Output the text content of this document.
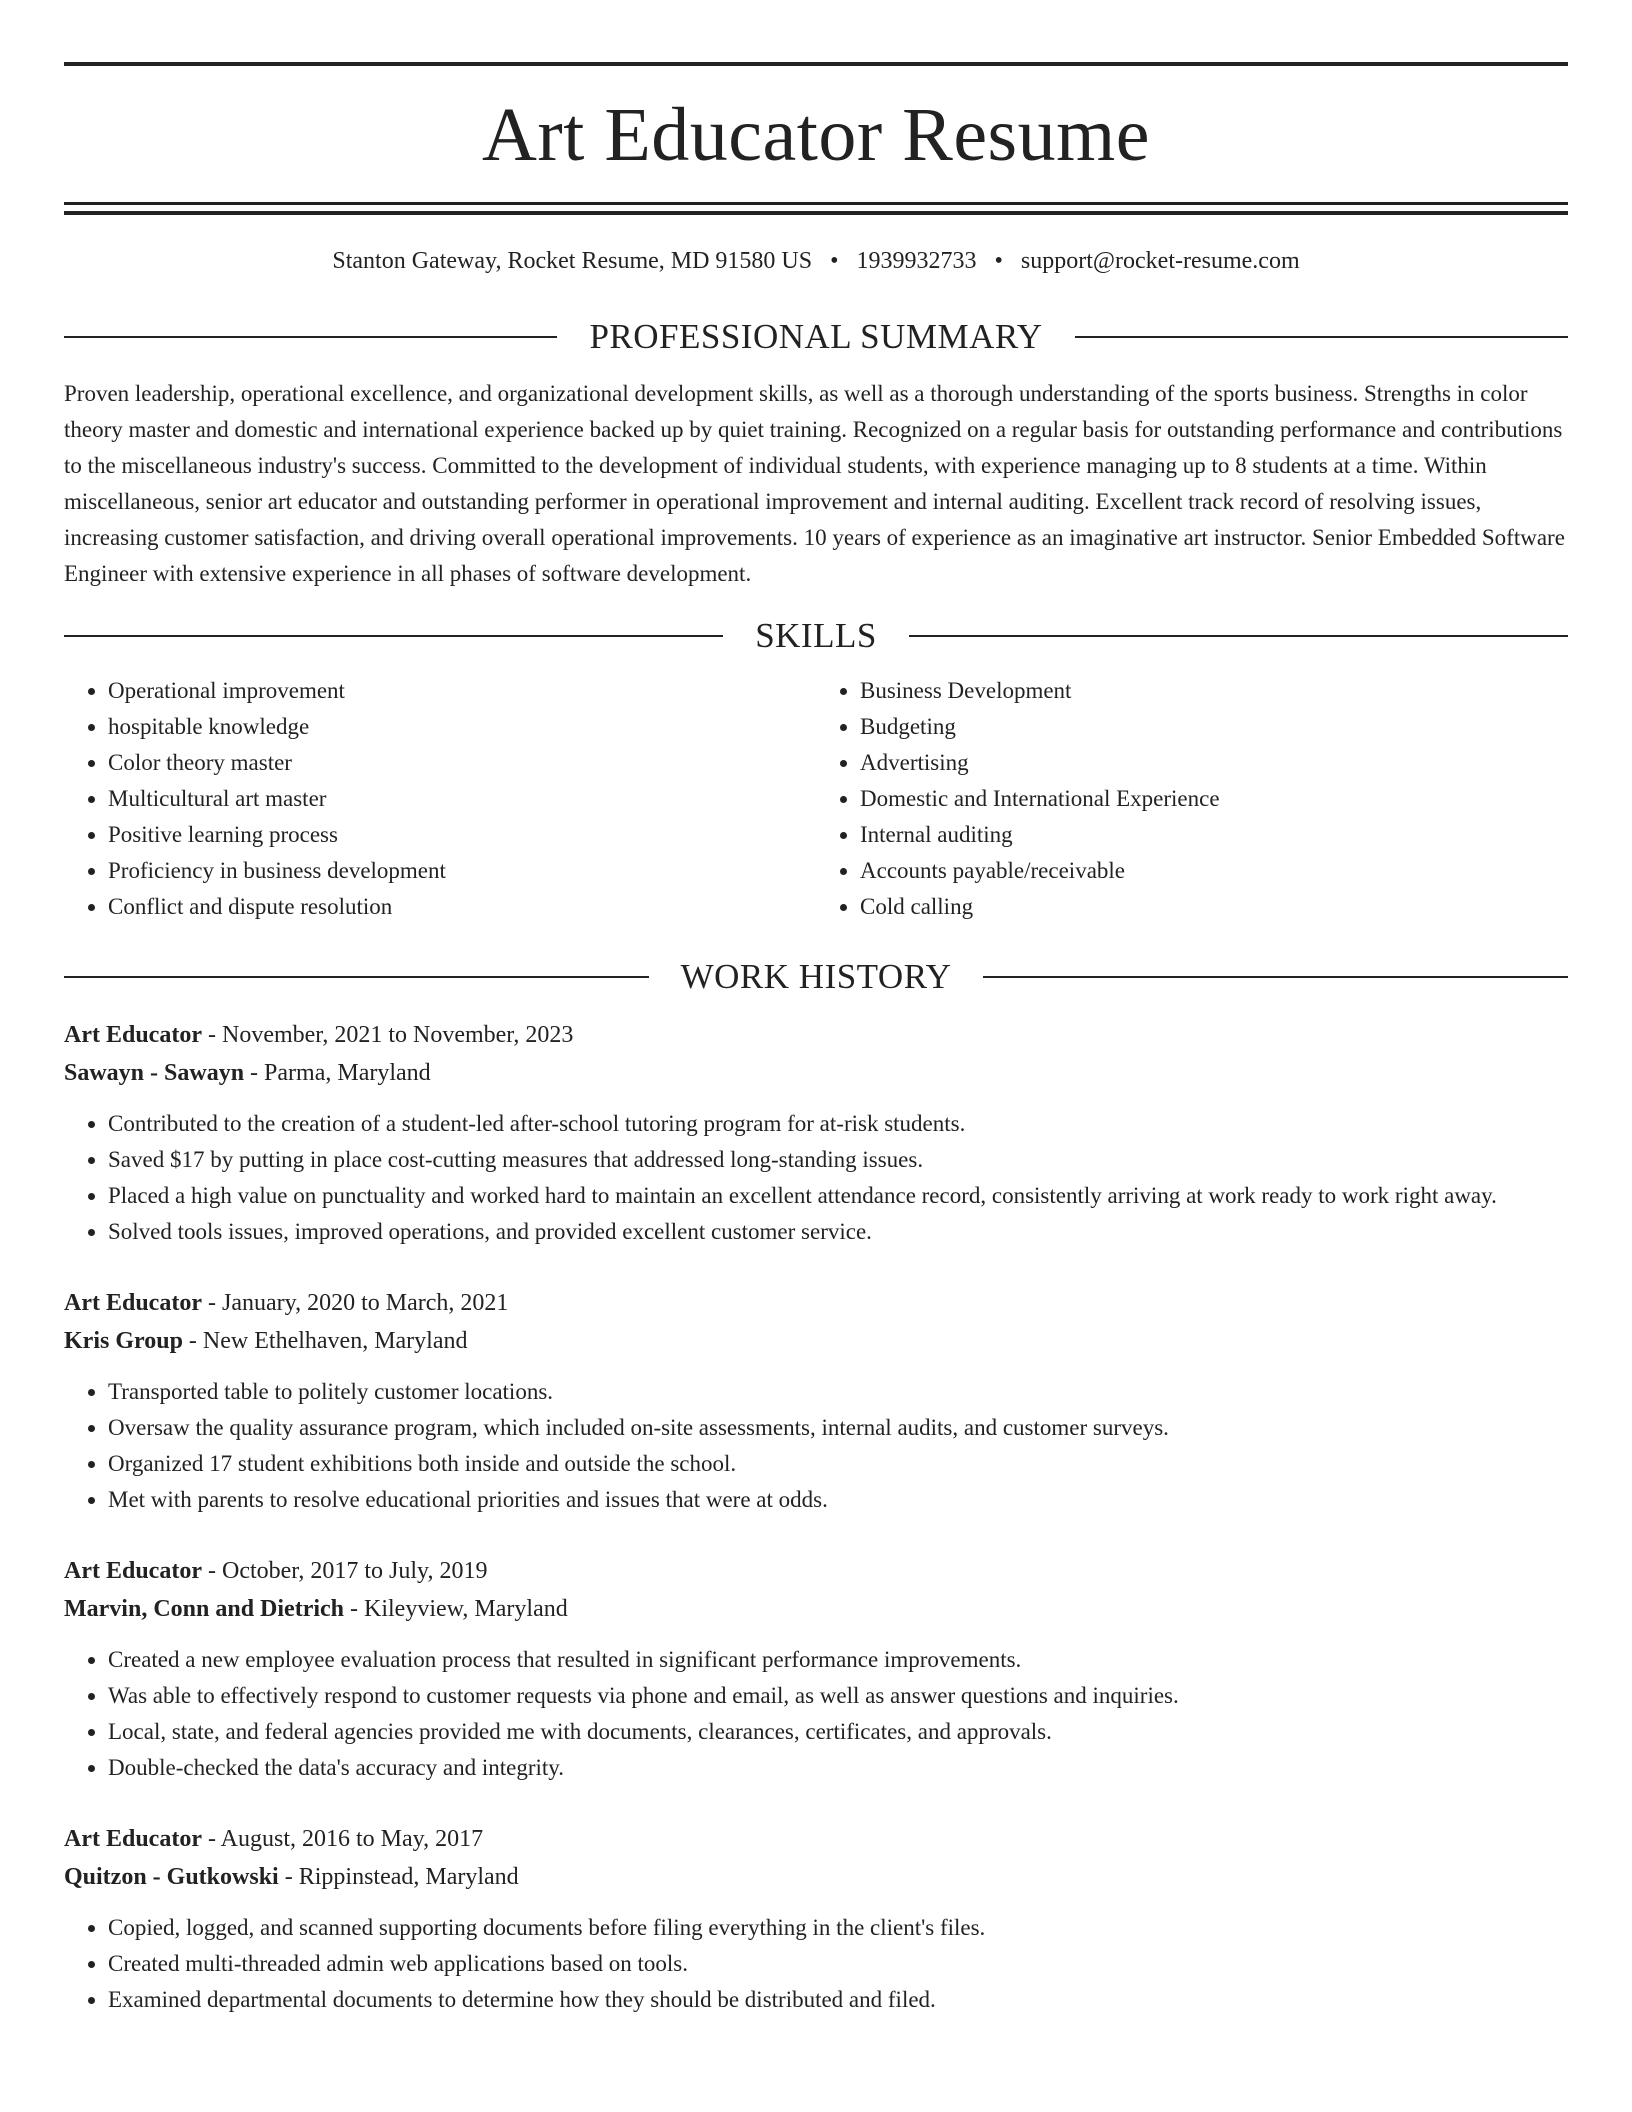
Art Educator Resume
Stanton Gateway, Rocket Resume, MD 91580 US • 1939932733 • support@rocket-resume.com
PROFESSIONAL SUMMARY
Proven leadership, operational excellence, and organizational development skills, as well as a thorough understanding of the sports business. Strengths in color theory master and domestic and international experience backed up by quiet training. Recognized on a regular basis for outstanding performance and contributions to the miscellaneous industry's success. Committed to the development of individual students, with experience managing up to 8 students at a time. Within miscellaneous, senior art educator and outstanding performer in operational improvement and internal auditing. Excellent track record of resolving issues, increasing customer satisfaction, and driving overall operational improvements. 10 years of experience as an imaginative art instructor. Senior Embedded Software Engineer with extensive experience in all phases of software development.
SKILLS
• Operational improvement
• hospitable knowledge
• Color theory master
• Multicultural art master
• Positive learning process
• Proficiency in business development
• Conflict and dispute resolution
• Business Development
• Budgeting
• Advertising
• Domestic and International Experience
• Internal auditing
• Accounts payable/receivable
• Cold calling
WORK HISTORY
Art Educator - November, 2021 to November, 2023
Sawayn - Sawayn - Parma, Maryland
• Contributed to the creation of a student-led after-school tutoring program for at-risk students.
• Saved $17 by putting in place cost-cutting measures that addressed long-standing issues.
• Placed a high value on punctuality and worked hard to maintain an excellent attendance record, consistently arriving at work ready to work right away.
• Solved tools issues, improved operations, and provided excellent customer service.
Art Educator - January, 2020 to March, 2021
Kris Group - New Ethelhaven, Maryland
• Transported table to politely customer locations.
• Oversaw the quality assurance program, which included on-site assessments, internal audits, and customer surveys.
• Organized 17 student exhibitions both inside and outside the school.
• Met with parents to resolve educational priorities and issues that were at odds.
Art Educator - October, 2017 to July, 2019
Marvin, Conn and Dietrich - Kileyview, Maryland
• Created a new employee evaluation process that resulted in significant performance improvements.
• Was able to effectively respond to customer requests via phone and email, as well as answer questions and inquiries.
• Local, state, and federal agencies provided me with documents, clearances, certificates, and approvals.
• Double-checked the data's accuracy and integrity.
Art Educator - August, 2016 to May, 2017
Quitzon - Gutkowski - Rippinstead, Maryland
• Copied, logged, and scanned supporting documents before filing everything in the client's files.
• Created multi-threaded admin web applications based on tools.
• Examined departmental documents to determine how they should be distributed and filed.
